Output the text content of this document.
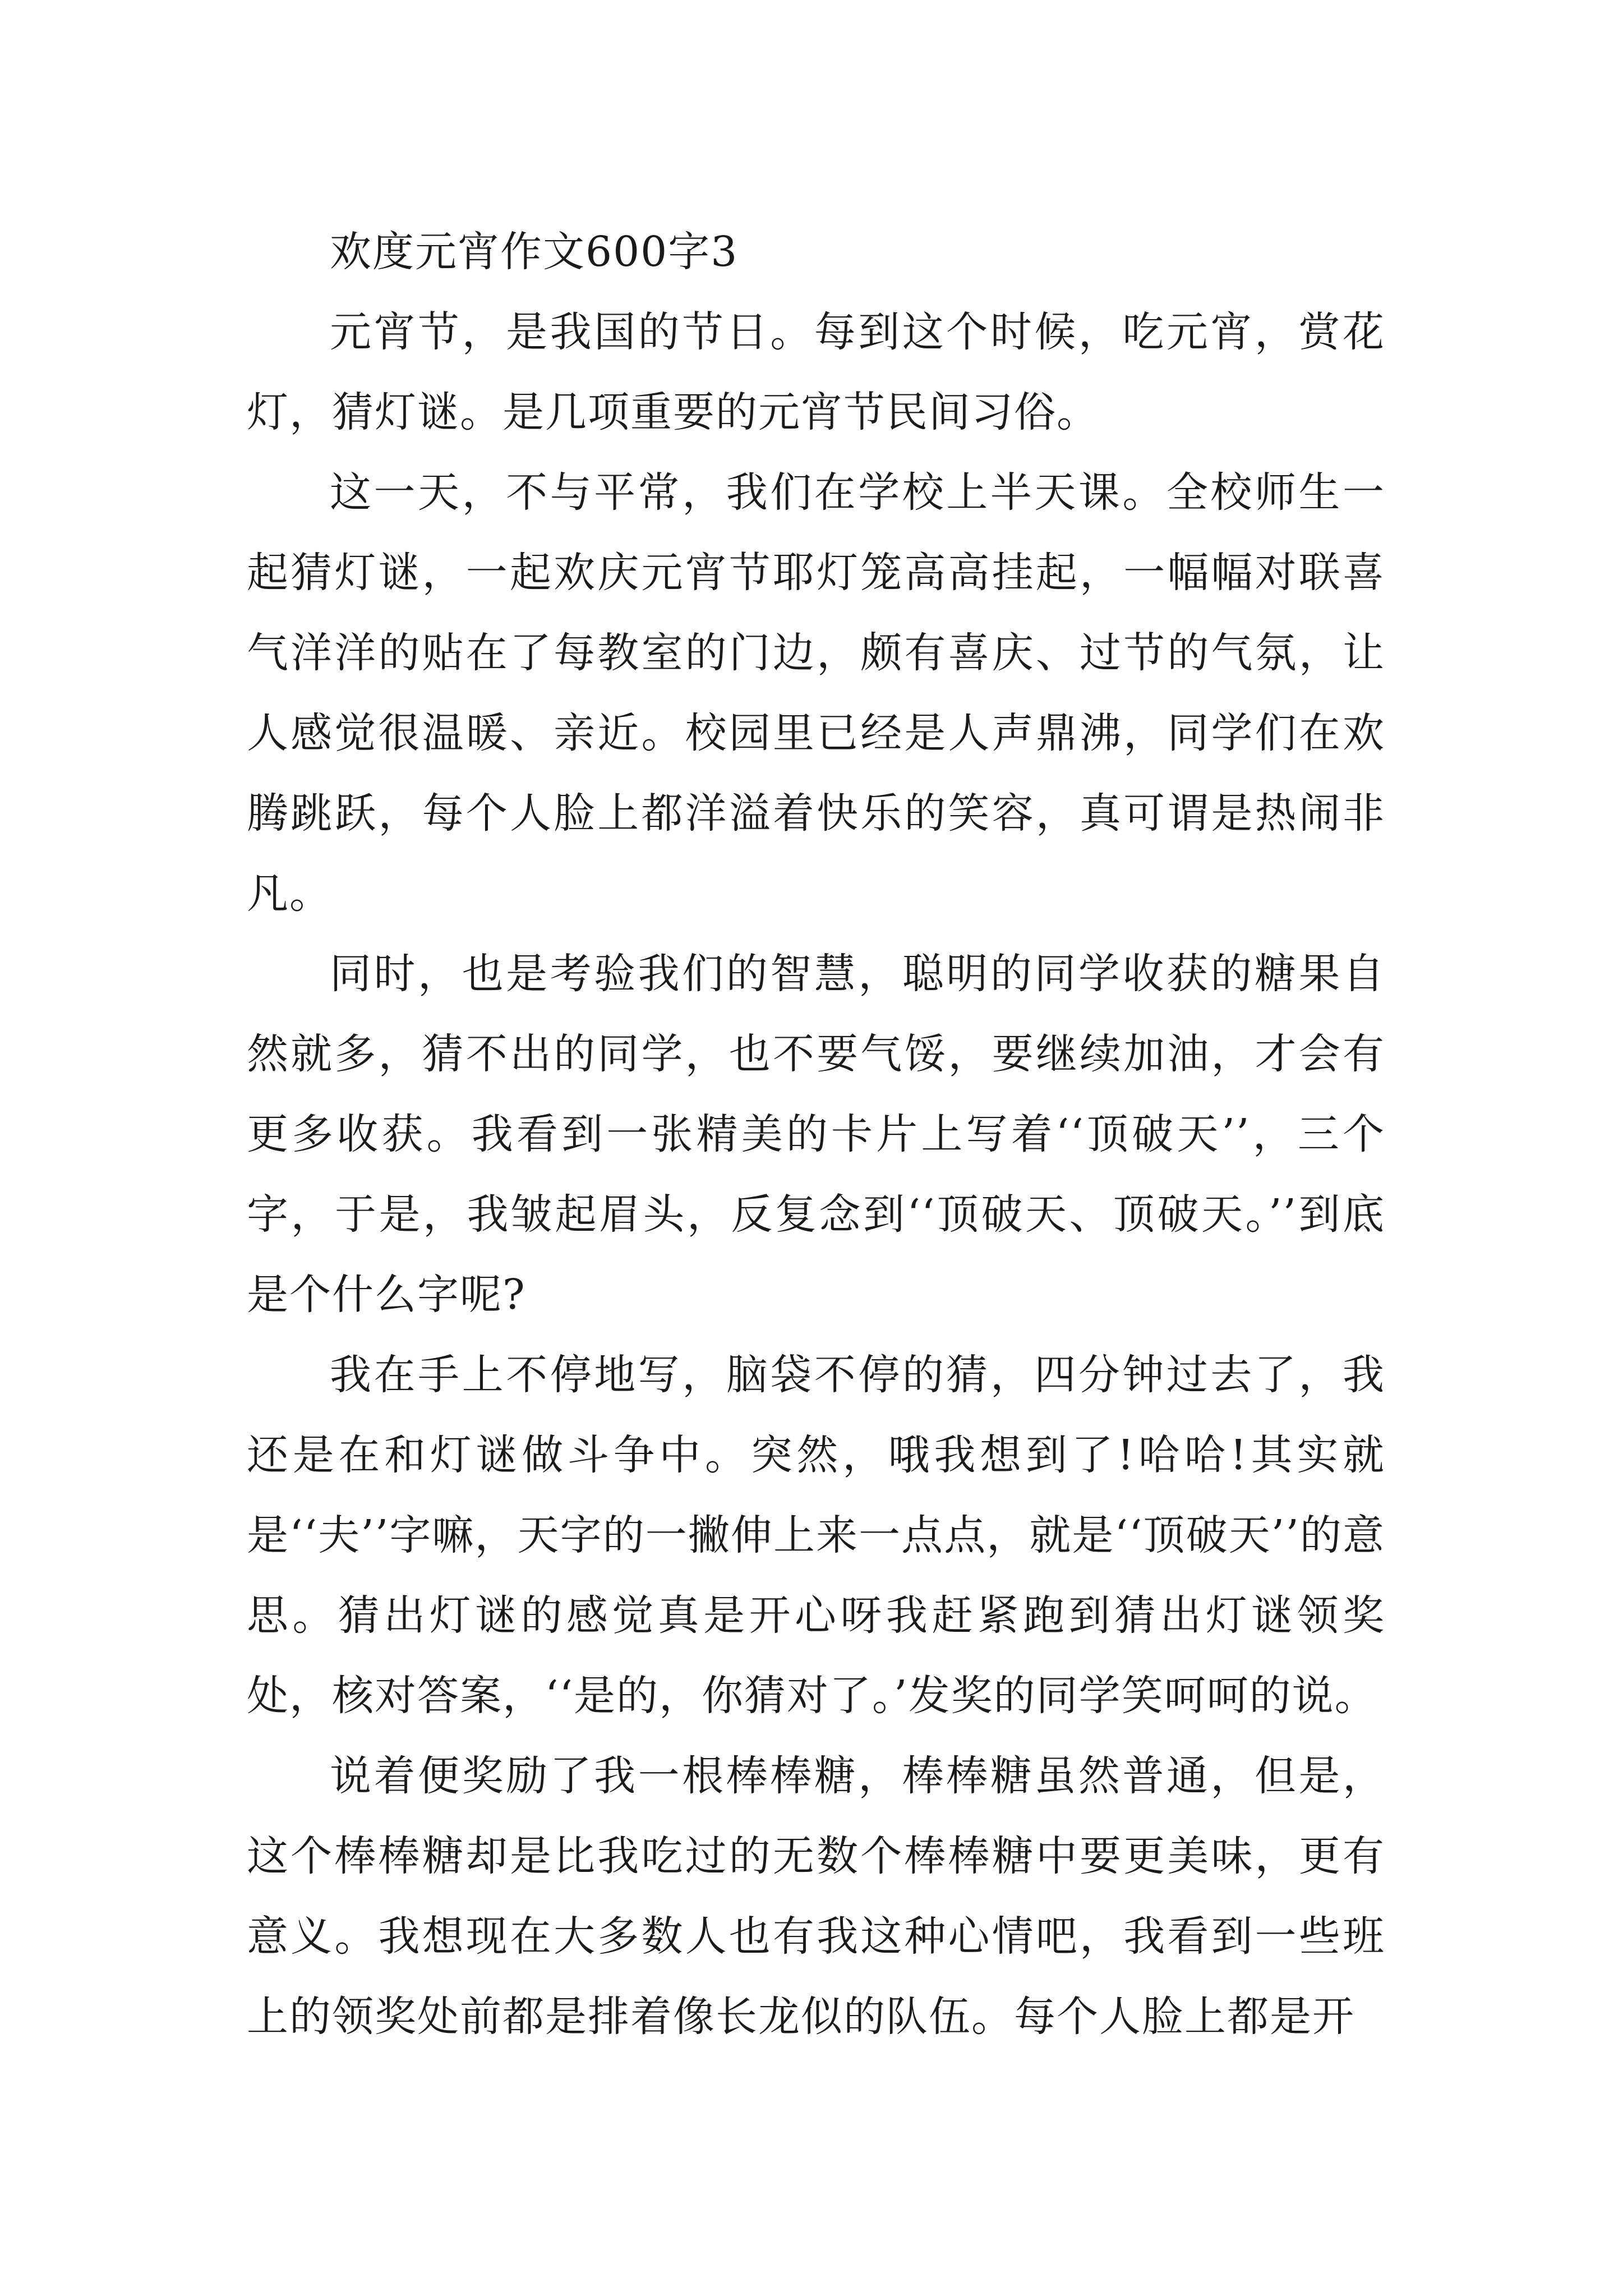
欢度元宵作文600字3

元宵节，是我国的节日。每到这个时候，吃元宵，赏花灯，猜灯谜。是几项重要的元宵节民间习俗。

这一天，不与平常，我们在学校上半天课。全校师生一起猜灯谜，一起欢庆元宵节耶灯笼高高挂起，一幅幅对联喜气洋洋的贴在了每教室的门边，颇有喜庆、过节的气氛，让人感觉很温暖、亲近。校园里已经是人声鼎沸，同学们在欢腾跳跃，每个人脸上都洋溢着快乐的笑容，真可谓是热闹非凡。

同时，也是考验我们的智慧，聪明的同学收获的糖果自然就多，猜不出的同学，也不要气馁，要继续加油，才会有更多收获。我看到一张精美的卡片上写着‘‘顶破天’’，三个字，于是，我皱起眉头，反复念到‘‘顶破天、顶破天。’’到底是个什么字呢?

我在手上不停地写，脑袋不停的猜，四分钟过去了，我还是在和灯谜做斗争中。突然，哦我想到了!哈哈!其实就是‘‘夫’’字嘛，天字的一撇伸上来一点点，就是‘‘顶破天’’的意思。猜出灯谜的感觉真是开心呀我赶紧跑到猜出灯谜领奖处，核对答案，‘‘是的，你猜对了。’发奖的同学笑呵呵的说。

说着便奖励了我一根棒棒糖，棒棒糖虽然普通，但是，这个棒棒糖却是比我吃过的无数个棒棒糖中要更美味，更有意义。我想现在大多数人也有我这种心情吧，我看到一些班上的领奖处前都是排着像长龙似的队伍。每个人脸上都是开
